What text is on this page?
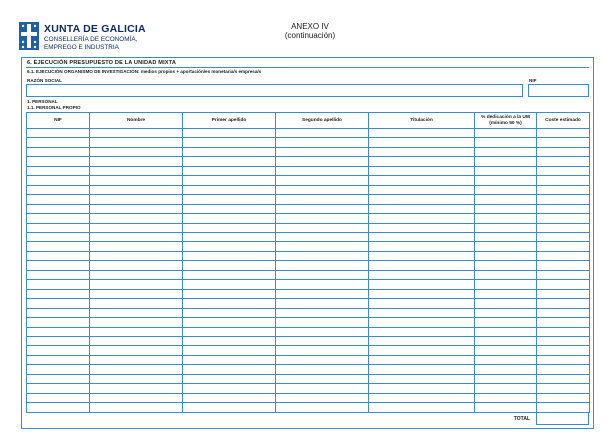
XUNTA DE GALICIA
CONSELLERÍA DE ECONOMÍA,
EMPREGO E INDUSTRIA
ANEXO IV
(continuación)
6. EJECUCIÓN PRESUPUESTO DE LA UNIDAD MIXTA
6.1. EJECUCIÓN ORGANISMO DE INVESTIGACIÓN: medios propios + aportación/es monetaria/s empresa/s
RAZÓN SOCIAL	NIF
1. PERSONAL
1.1. PERSONAL PROPIO
NIF	Nombre	Primer apellido	Segundo apellido	Titulación	% dedicación a la UM (mínimo 50 %)	Coste estimado

TOTAL
